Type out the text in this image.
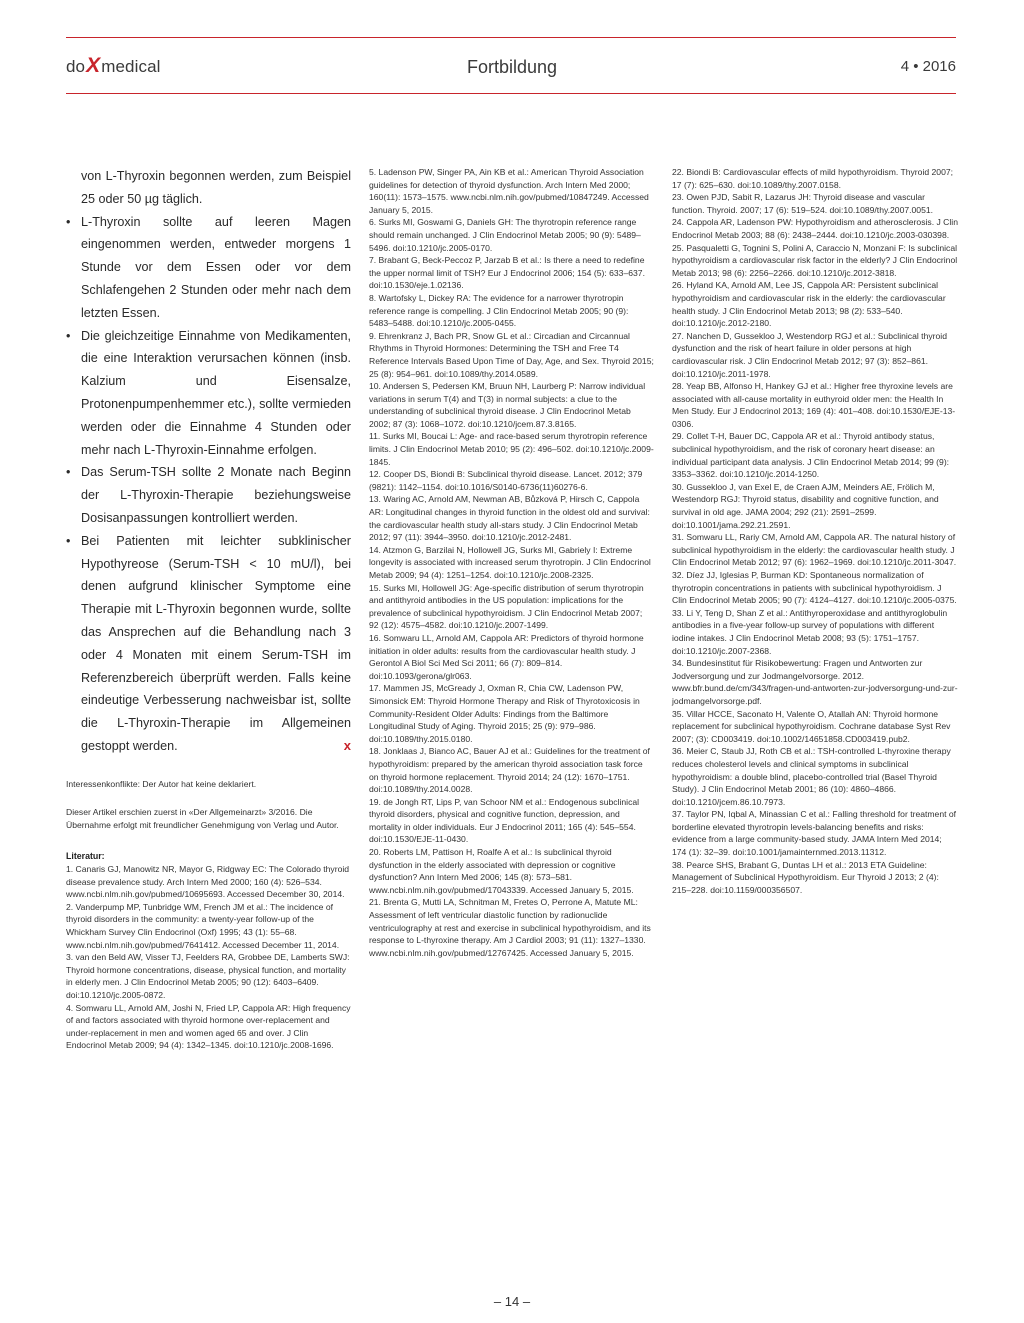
doXmedical	Fortbildung	4 • 2016

von L-Thyroxin begonnen werden, zum Beispiel 25 oder 50 µg täglich.

• L-Thyroxin sollte auf leeren Magen eingenommen werden, entweder morgens 1 Stunde vor dem Essen oder vor dem Schlafengehen 2 Stunden oder mehr nach dem letzten Essen.
• Die gleichzeitige Einnahme von Medikamenten, die eine Interaktion verursachen können (insb. Kalzium und Eisensalze, Protonenpumpenhemmer etc.), sollte vermieden werden oder die Einnahme 4 Stunden oder mehr nach L-Thyroxin-Einnahme erfolgen.
• Das Serum-TSH sollte 2 Monate nach Beginn der L-Thyroxin-Therapie beziehungsweise Dosisanpassungen kontrolliert werden.
• Bei Patienten mit leichter subklinischer Hypothyreose (Serum-TSH < 10 mU/l), bei denen aufgrund klinischer Symptome eine Therapie mit L-Thyroxin begonnen wurde, sollte das Ansprechen auf die Behandlung nach 3 oder 4 Monaten mit einem Serum-TSH im Referenzbereich überprüft werden. Falls keine eindeutige Verbesserung nachweisbar ist, sollte die L-Thyroxin-Therapie im Allgemeinen gestoppt werden.	x
Interessenkonflikte: Der Autor hat keine deklariert.
Dieser Artikel erschien zuerst in «Der Allgemeinarzt» 3/2016. Die Übernahme erfolgt mit freundlicher Genehmigung von Verlag und Autor.
Literatur:
1. Canaris GJ, Manowitz NR, Mayor G, Ridgway EC: The Colorado thyroid disease prevalence study. Arch Intern Med 2000; 160 (4): 526–534. www.ncbi.nlm.nih.gov/pubmed/10695693. Accessed December 30, 2014.
2. Vanderpump MP, Tunbridge WM, French JM et al.: The incidence of thyroid disorders in the community: a twenty-year follow-up of the Whickham Survey Clin Endocrinol (Oxf) 1995; 43 (1): 55–68. www.ncbi.nlm.nih.gov/pubmed/7641412. Accessed December 11, 2014.
3. van den Beld AW, Visser TJ, Feelders RA, Grobbee DE, Lamberts SWJ: Thyroid hormone concentrations, disease, physical function, and mortality in elderly men. J Clin Endocrinol Metab 2005; 90 (12): 6403–6409. doi:10.1210/jc.2005-0872.
4. Somwaru LL, Arnold AM, Joshi N, Fried LP, Cappola AR: High frequency of and factors associated with thyroid hormone over-replacement and under-replacement in men and women aged 65 and over. J Clin Endocrinol Metab 2009; 94 (4): 1342–1345. doi:10.1210/jc.2008-1696.
5. Ladenson PW, Singer PA, Ain KB et al.: American Thyroid Association guidelines for detection of thyroid dysfunction. Arch Intern Med 2000; 160(11): 1573–1575. www.ncbi.nlm.nih.gov/pubmed/10847249. Accessed January 5, 2015.
6. Surks MI, Goswami G, Daniels GH: The thyrotropin reference range should remain unchanged. J Clin Endocrinol Metab 2005; 90 (9): 5489–5496. doi:10.1210/jc.2005-0170.
7. Brabant G, Beck-Peccoz P, Jarzab B et al.: Is there a need to redefine the upper normal limit of TSH? Eur J Endocrinol 2006; 154 (5): 633–637. doi:10.1530/eje.1.02136.
8. Wartofsky L, Dickey RA: The evidence for a narrower thyrotropin reference range is compelling. J Clin Endocrinol Metab 2005; 90 (9): 5483–5488. doi:10.1210/jc.2005-0455.
9. Ehrenkranz J, Bach PR, Snow GL et al.: Circadian and Circannual Rhythms in Thyroid Hormones: Determining the TSH and Free T4 Reference Intervals Based Upon Time of Day, Age, and Sex. Thyroid 2015; 25 (8): 954–961. doi:10.1089/thy.2014.0589.
10. Andersen S, Pedersen KM, Bruun NH, Laurberg P: Narrow individual variations in serum T(4) and T(3) in normal subjects: a clue to the understanding of subclinical thyroid disease. J Clin Endocrinol Metab 2002; 87 (3): 1068–1072. doi:10.1210/jcem.87.3.8165.
11. Surks MI, Boucai L: Age- and race-based serum thyrotropin reference limits. J Clin Endocrinol Metab 2010; 95 (2): 496–502. doi:10.1210/jc.2009-1845.
12. Cooper DS, Biondi B: Subclinical thyroid disease. Lancet. 2012; 379 (9821): 1142–1154. doi:10.1016/S0140-6736(11)60276-6.
13. Waring AC, Arnold AM, Newman AB, Bůzková P, Hirsch C, Cappola AR: Longitudinal changes in thyroid function in the oldest old and survival: the cardiovascular health study all-stars study. J Clin Endocrinol Metab 2012; 97 (11): 3944–3950. doi:10.1210/jc.2012-2481.
14. Atzmon G, Barzilai N, Hollowell JG, Surks MI, Gabriely I: Extreme longevity is associated with increased serum thyrotropin. J Clin Endocrinol Metab 2009; 94 (4): 1251–1254. doi:10.1210/jc.2008-2325.
15. Surks MI, Hollowell JG: Age-specific distribution of serum thyrotropin and antithyroid antibodies in the US population: implications for the prevalence of subclinical hypothyroidism. J Clin Endocrinol Metab 2007; 92 (12): 4575–4582. doi:10.1210/jc.2007-1499.
16. Somwaru LL, Arnold AM, Cappola AR: Predictors of thyroid hormone initiation in older adults: results from the cardiovascular health study. J Gerontol A Biol Sci Med Sci 2011; 66 (7): 809–814. doi:10.1093/gerona/glr063.
17. Mammen JS, McGready J, Oxman R, Chia CW, Ladenson PW, Simonsick EM: Thyroid Hormone Therapy and Risk of Thyrotoxicosis in Community-Resident Older Adults: Findings from the Baltimore Longitudinal Study of Aging. Thyroid 2015; 25 (9): 979–986. doi:10.1089/thy.2015.0180.
18. Jonklaas J, Bianco AC, Bauer AJ et al.: Guidelines for the treatment of hypothyroidism: prepared by the american thyroid association task force on thyroid hormone replacement. Thyroid 2014; 24 (12): 1670–1751. doi:10.1089/thy.2014.0028.
19. de Jongh RT, Lips P, van Schoor NM et al.: Endogenous subclinical thyroid disorders, physical and cognitive function, depression, and mortality in older individuals. Eur J Endocrinol 2011; 165 (4): 545–554. doi:10.1530/EJE-11-0430.
20. Roberts LM, Pattison H, Roalfe A et al.: Is subclinical thyroid dysfunction in the elderly associated with depression or cognitive dysfunction? Ann Intern Med 2006; 145 (8): 573–581. www.ncbi.nlm.nih.gov/pubmed/17043339. Accessed January 5, 2015.
21. Brenta G, Mutti LA, Schnitman M, Fretes O, Perrone A, Matute ML: Assessment of left ventricular diastolic function by radionuclide ventriculography at rest and exercise in subclinical hypothyroidism, and its response to L-thyroxine therapy. Am J Cardiol 2003; 91 (11): 1327–1330. www.ncbi.nlm.nih.gov/pubmed/12767425. Accessed January 5, 2015.
22. Biondi B: Cardiovascular effects of mild hypothyroidism. Thyroid 2007; 17 (7): 625–630. doi:10.1089/thy.2007.0158.
23. Owen PJD, Sabit R, Lazarus JH: Thyroid disease and vascular function. Thyroid. 2007; 17 (6): 519–524. doi:10.1089/thy.2007.0051.
24. Cappola AR, Ladenson PW: Hypothyroidism and atherosclerosis. J Clin Endocrinol Metab 2003; 88 (6): 2438–2444. doi:10.1210/jc.2003-030398.
25. Pasqualetti G, Tognini S, Polini A, Caraccio N, Monzani F: Is subclinical hypothyroidism a cardiovascular risk factor in the elderly? J Clin Endocrinol Metab 2013; 98 (6): 2256–2266. doi:10.1210/jc.2012-3818.
26. Hyland KA, Arnold AM, Lee JS, Cappola AR: Persistent subclinical hypothyroidism and cardiovascular risk in the elderly: the cardiovascular health study. J Clin Endocrinol Metab 2013; 98 (2): 533–540. doi:10.1210/jc.2012-2180.
27. Nanchen D, Gussekloo J, Westendorp RGJ et al.: Subclinical thyroid dysfunction and the risk of heart failure in older persons at high cardiovascular risk. J Clin Endocrinol Metab 2012; 97 (3): 852–861. doi:10.1210/jc.2011-1978.
28. Yeap BB, Alfonso H, Hankey GJ et al.: Higher free thyroxine levels are associated with all-cause mortality in euthyroid older men: the Health In Men Study. Eur J Endocrinol 2013; 169 (4): 401–408. doi:10.1530/EJE-13-0306.
29. Collet T-H, Bauer DC, Cappola AR et al.: Thyroid antibody status, subclinical hypothyroidism, and the risk of coronary heart disease: an individual participant data analysis. J Clin Endocrinol Metab 2014; 99 (9): 3353–3362. doi:10.1210/jc.2014-1250.
30. Gussekloo J, van Exel E, de Craen AJM, Meinders AE, Frölich M, Westendorp RGJ: Thyroid status, disability and cognitive function, and survival in old age. JAMA 2004; 292 (21): 2591–2599. doi:10.1001/jama.292.21.2591.
31. Somwaru LL, Rariy CM, Arnold AM, Cappola AR. The natural history of subclinical hypothyroidism in the elderly: the cardiovascular health study. J Clin Endocrinol Metab 2012; 97 (6): 1962–1969. doi:10.1210/jc.2011-3047.
32. Díez JJ, Iglesias P, Burman KD: Spontaneous normalization of thyrotropin concentrations in patients with subclinical hypothyroidism. J Clin Endocrinol Metab 2005; 90 (7): 4124–4127. doi:10.1210/jc.2005-0375.
33. Li Y, Teng D, Shan Z et al.: Antithyroperoxidase and antithyroglobulin antibodies in a five-year follow-up survey of populations with different iodine intakes. J Clin Endocrinol Metab 2008; 93 (5): 1751–1757. doi:10.1210/jc.2007-2368.
34. Bundesinstitut für Risikobewertung: Fragen und Antworten zur Jodversorgung und zur Jodmangelvorsorge. 2012. www.bfr.bund.de/cm/343/fragen-und-antworten-zur-jodversorgung-und-zur-jodmangelvorsorge.pdf.
35. Villar HCCE, Saconato H, Valente O, Atallah AN: Thyroid hormone replacement for subclinical hypothyroidism. Cochrane database Syst Rev 2007; (3): CD003419. doi:10.1002/14651858.CD003419.pub2.
36. Meier C, Staub JJ, Roth CB et al.: TSH-controlled L-thyroxine therapy reduces cholesterol levels and clinical symptoms in subclinical hypothyroidism: a double blind, placebo-controlled trial (Basel Thyroid Study). J Clin Endocrinol Metab 2001; 86 (10): 4860–4866. doi:10.1210/jcem.86.10.7973.
37. Taylor PN, Iqbal A, Minassian C et al.: Falling threshold for treatment of borderline elevated thyrotropin levels-balancing benefits and risks: evidence from a large community-based study. JAMA Intern Med 2014; 174 (1): 32–39. doi:10.1001/jamainternmed.2013.11312.
38. Pearce SHS, Brabant G, Duntas LH et al.: 2013 ETA Guideline: Management of Subclinical Hypothyroidism. Eur Thyroid J 2013; 2 (4): 215–228. doi:10.1159/000356507.
– 14 –
